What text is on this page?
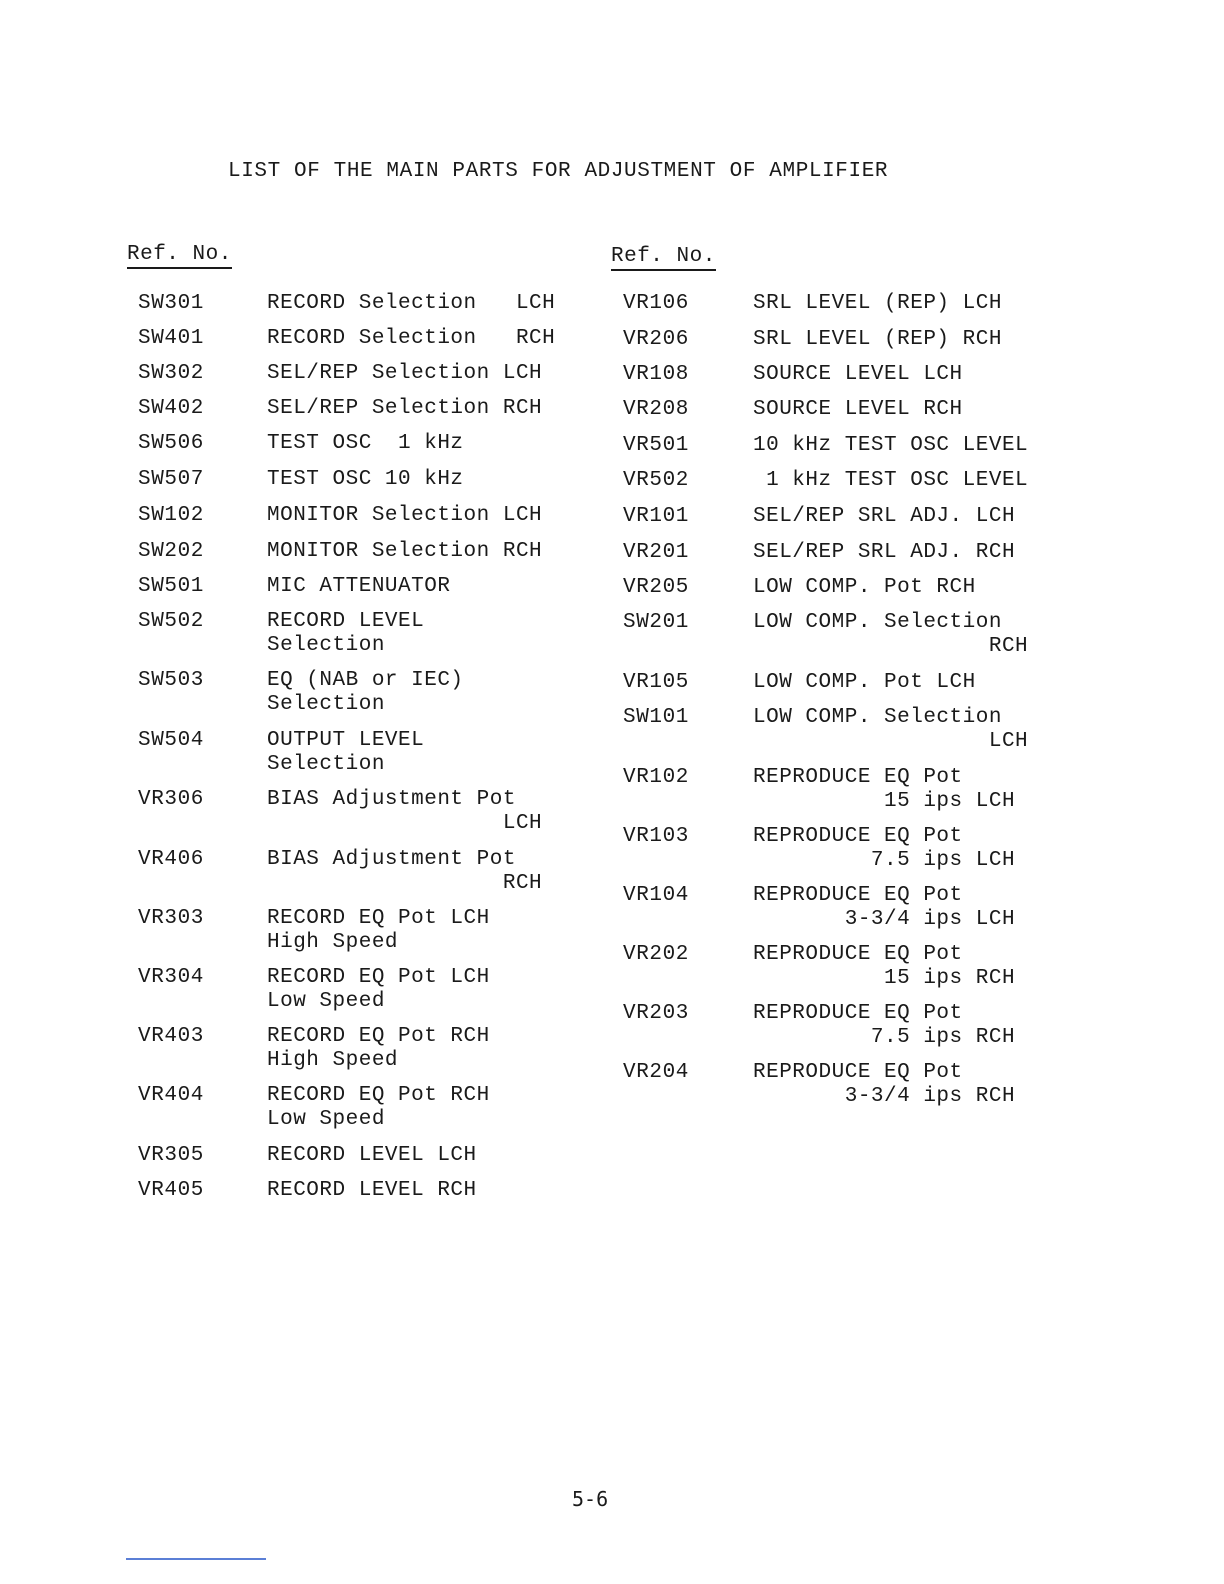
LIST OF THE MAIN PARTS FOR ADJUSTMENT OF AMPLIFIER
Ref. No.	Ref. No.
SW301	RECORD Selection   LCH
SW401	RECORD Selection   RCH
SW302	SEL/REP Selection LCH
SW402	SEL/REP Selection RCH
SW506	TEST OSC  1 kHz
SW507	TEST OSC 10 kHz
SW102	MONITOR Selection LCH
SW202	MONITOR Selection RCH
SW501	MIC ATTENUATOR
SW502	RECORD LEVEL
Selection
SW503	EQ (NAB or IEC)
Selection
SW504	OUTPUT LEVEL
Selection
VR306	BIAS Adjustment Pot
LCH
VR406	BIAS Adjustment Pot
RCH
VR303	RECORD EQ Pot LCH
High Speed
VR304	RECORD EQ Pot LCH
Low Speed
VR403	RECORD EQ Pot RCH
High Speed
VR404	RECORD EQ Pot RCH
Low Speed
VR305	RECORD LEVEL LCH
VR405	RECORD LEVEL RCH
VR106	SRL LEVEL (REP) LCH
VR206	SRL LEVEL (REP) RCH
VR108	SOURCE LEVEL LCH
VR208	SOURCE LEVEL RCH
VR501	10 kHz TEST OSC LEVEL
VR502	1 kHz TEST OSC LEVEL
VR101	SEL/REP SRL ADJ. LCH
VR201	SEL/REP SRL ADJ. RCH
VR205	LOW COMP. Pot RCH
SW201	LOW COMP. Selection
RCH
VR105	LOW COMP. Pot LCH
SW101	LOW COMP. Selection
LCH
VR102	REPRODUCE EQ Pot
15 ips LCH
VR103	REPRODUCE EQ Pot
7.5 ips LCH
VR104	REPRODUCE EQ Pot
3-3/4 ips LCH
VR202	REPRODUCE EQ Pot
15 ips RCH
VR203	REPRODUCE EQ Pot
7.5 ips RCH
VR204	REPRODUCE EQ Pot
3-3/4 ips RCH
5-6
